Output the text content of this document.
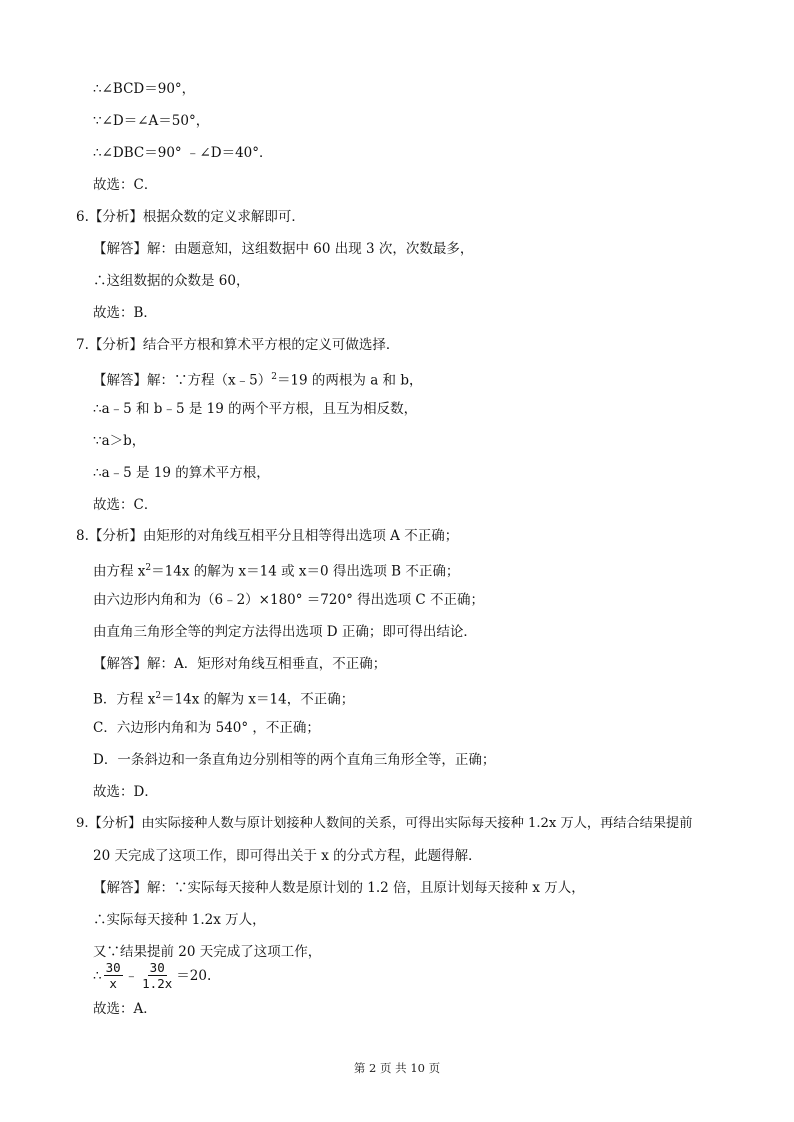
∴∠BCD＝90°，
∵∠D＝∠A＝50°，
∴∠DBC＝90° ﹣∠D＝40°．
故选：C．
6.【分析】根据众数的定义求解即可．
【解答】解：由题意知，这组数据中 60 出现 3 次，次数最多，
∴这组数据的众数是 60，
故选：B．
7.【分析】结合平方根和算术平方根的定义可做选择．
【解答】解：∵方程（x﹣5）$^2$＝19 的两根为 a 和 b，
∴a﹣5 和 b﹣5 是 19 的两个平方根，且互为相反数，
∵a＞b，
∴a﹣5 是 19 的算术平方根，
故选：C．
8.【分析】由矩形的对角线互相平分且相等得出选项 A 不正确；
由方程 $x^2=14x$ 的解为 x＝14 或 x＝0 得出选项 B 不正确；
由六边形内角和为（6﹣2）×180° ＝720° 得出选项 C 不正确；
由直角三角形全等的判定方法得出选项 D 正确；即可得出结论．
【解答】解：A．矩形对角线互相垂直，不正确；
B．方程 $x^2=14x$ 的解为 x＝14，不正确；
C．六边形内角和为 540° ，不正确；
D．一条斜边和一条直角边分别相等的两个直角三角形全等，正确；
故选：D．
9.【分析】由实际接种人数与原计划接种人数间的关系，可得出实际每天接种 1.2x 万人，再结合结果提前
20 天完成了这项工作，即可得出关于 x 的分式方程，此题得解．
【解答】解：∵实际每天接种人数是原计划的 1.2 倍，且原计划每天接种 x 万人，
∴实际每天接种 1.2x 万人，
又∵结果提前 20 天完成了这项工作，
∴ $\frac{30}{x}$ ﹣ $\frac{30}{1.2x} =20$.
故选：A．
第 2 页 共 10 页
